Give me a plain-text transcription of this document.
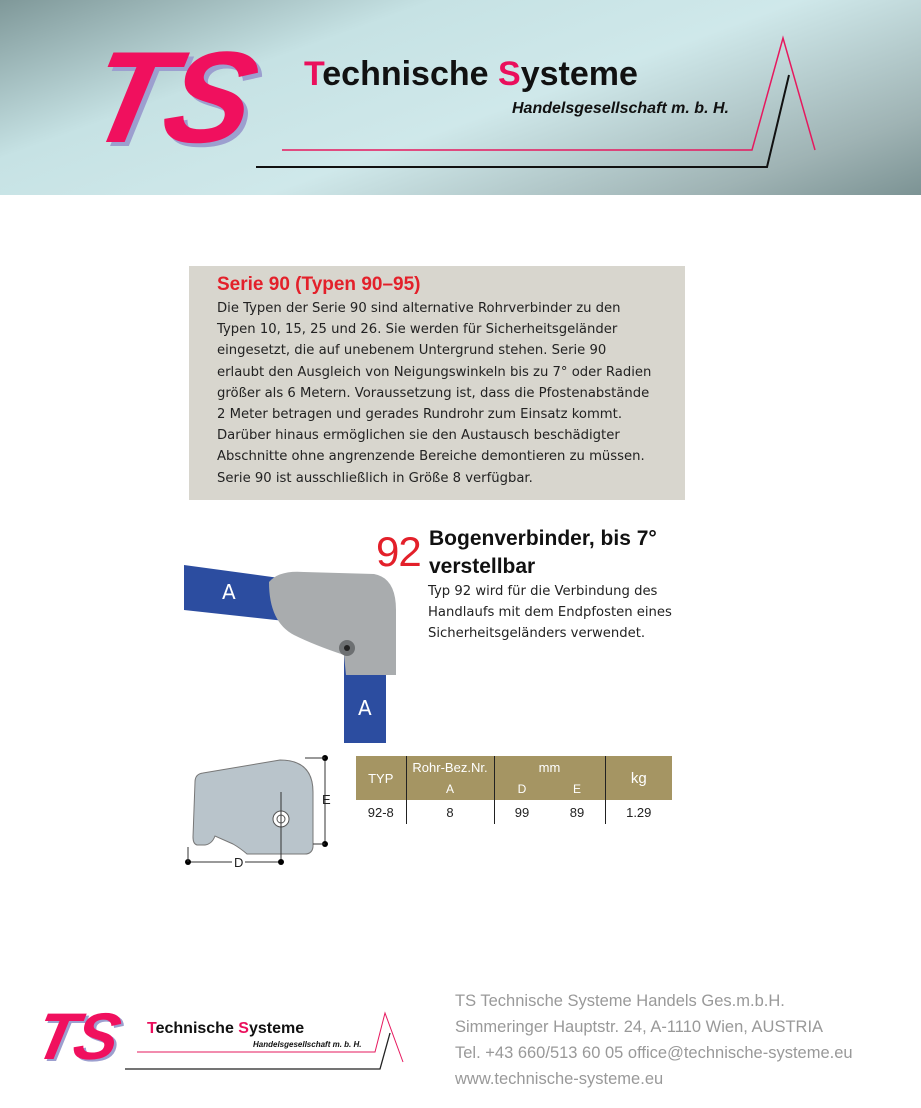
TS Technische Systeme
Handelsgesellschaft m. b. H.
Serie 90 (Typen 90–95)

Die Typen der Serie 90 sind alternative Rohrverbinder zu den Typen 10, 15, 25 und 26. Sie werden für Sicherheitsgeländer eingesetzt, die auf unebenem Untergrund stehen. Serie 90 erlaubt den Ausgleich von Neigungswinkeln bis zu 7° oder Radien größer als 6 Metern. Voraussetzung ist, dass die Pfostenabstände 2 Meter betragen und gerades Rundrohr zum Einsatz kommt. Darüber hinaus ermöglichen sie den Austausch beschädigter Abschnitte ohne angrenzende Bereiche demontieren zu müssen. Serie 90 ist ausschließlich in Größe 8 verfügbar.

A
A
92 Bogenverbinder, bis 7° verstellbar
Typ 92 wird für die Verbindung des Handlaufs mit dem Endpfosten eines Sicherheitsgeländers verwendet.
E
D
TYP	Rohr-Bez.Nr.	mm		kg
	A	D	E	
92-8	8	99	89	1.29
TS Technische Systeme
Handelsgesellschaft m. b. H.
TS Technische Systeme Handels Ges.m.b.H.
Simmeringer Hauptstr. 24, A-1110 Wien, AUSTRIA
Tel. +43 660/513 60 05 office@technische-systeme.eu
www.technische-systeme.eu
